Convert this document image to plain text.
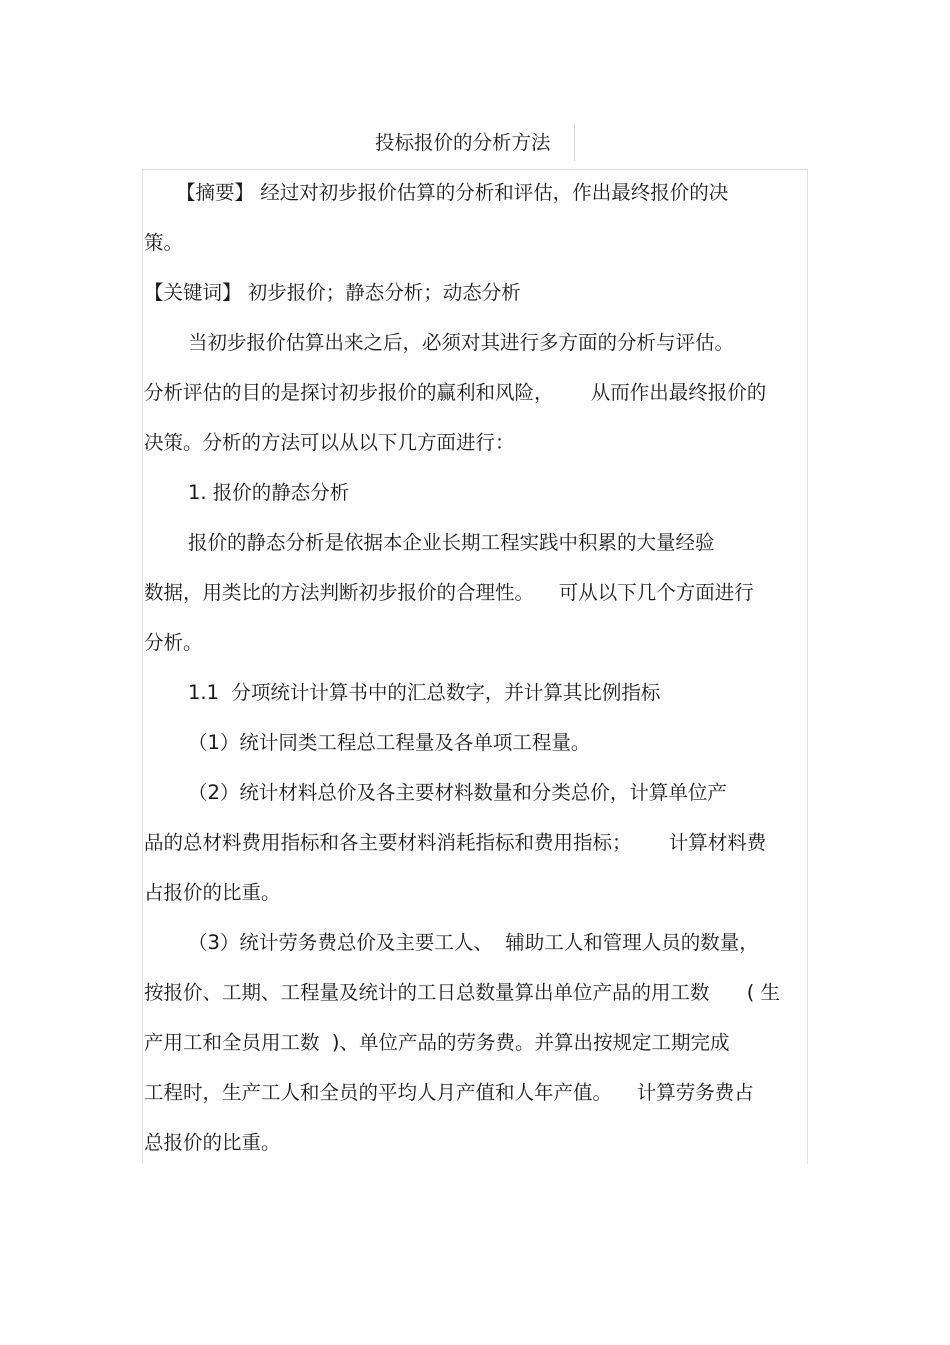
投标报价的分析方法
【摘要】 经过对初步报价估算的分析和评估，作出最终报价的决
策。
【关键词】 初步报价；静态分析；动态分析
当初步报价估算出来之后，必须对其进行多方面的分析与评估。
分析评估的目的是探讨初步报价的赢利和风险，      从而作出最终报价的
决策。分析的方法可以从以下几方面进行：
1. 报价的静态分析
报价的静态分析是依据本企业长期工程实践中积累的大量经验
数据，用类比的方法判断初步报价的合理性。    可从以下几个方面进行
分析。
1.1  分项统计计算书中的汇总数字，并计算其比例指标
（1）统计同类工程总工程量及各单项工程量。
（2）统计材料总价及各主要材料数量和分类总价，计算单位产
品的总材料费用指标和各主要材料消耗指标和费用指标；      计算材料费
占报价的比重。
（3）统计劳务费总价及主要工人、  辅助工人和管理人员的数量，
按报价、工期、工程量及统计的工日总数量算出单位产品的用工数      ( 生
产用工和全员用工数  )、单位产品的劳务费。并算出按规定工期完成
工程时，生产工人和全员的平均人月产值和人年产值。    计算劳务费占
总报价的比重。
